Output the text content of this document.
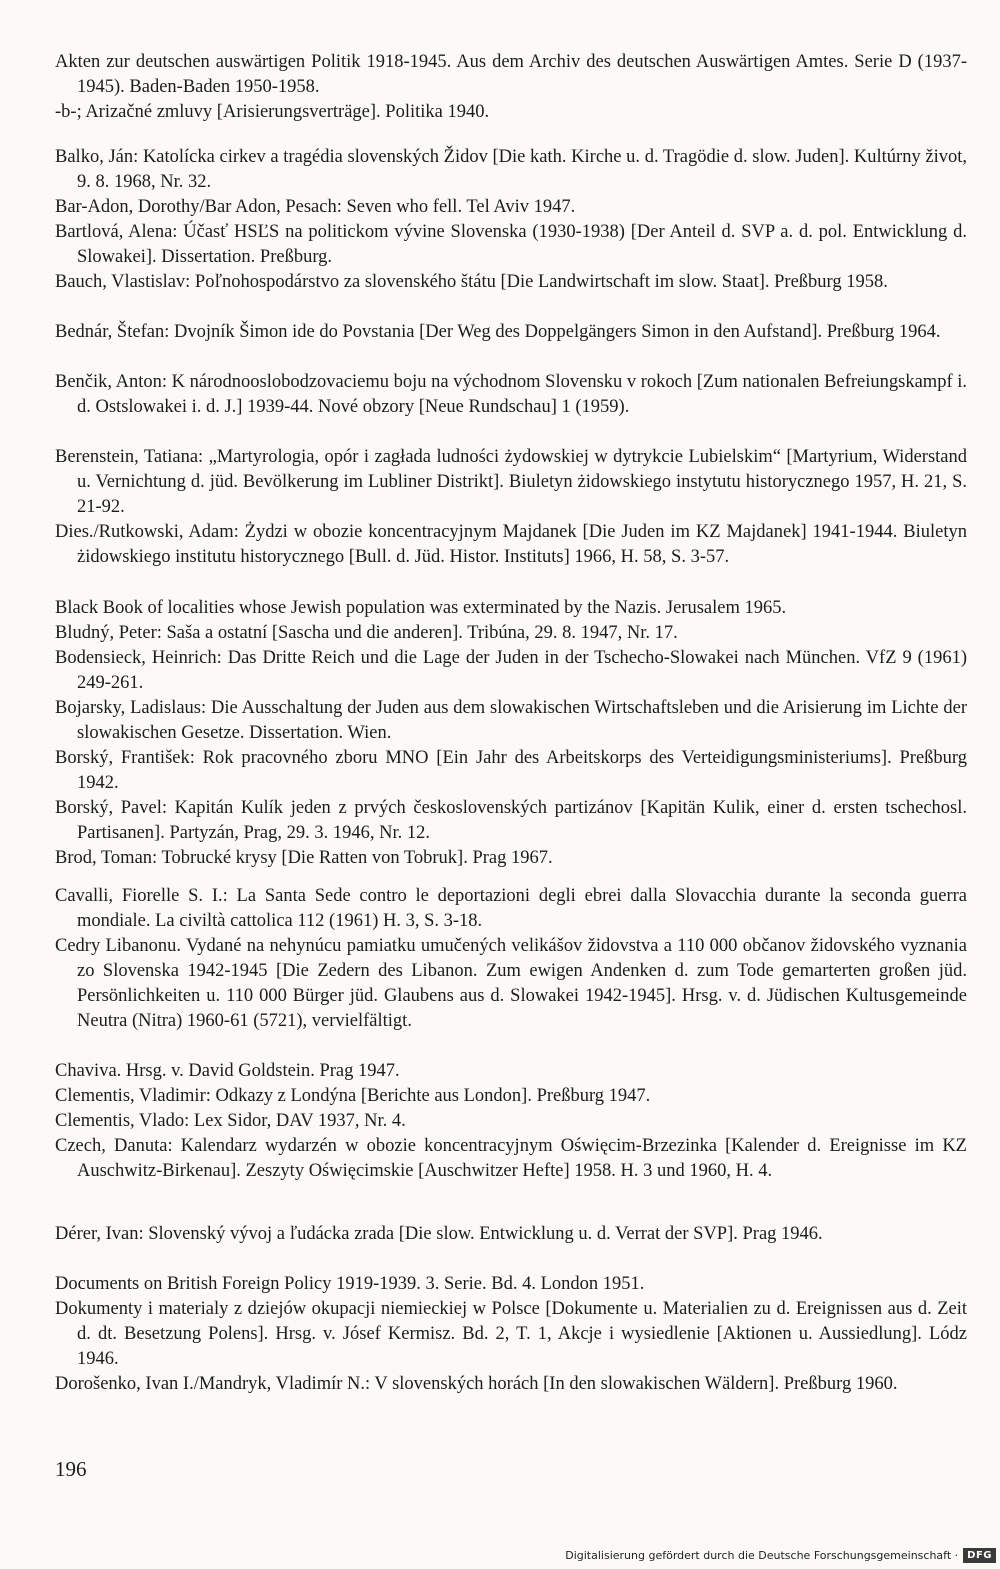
Akten zur deutschen auswärtigen Politik 1918-1945. Aus dem Archiv des deutschen Auswärtigen Amtes. Serie D (1937-1945). Baden-Baden 1950-1958.

-b-; Arizačné zmluvy [Arisierungsverträge]. Politika 1940.

Balko, Ján: Katolícka cirkev a tragédia slovenských Židov [Die kath. Kirche u. d. Tragödie d. slow. Juden]. Kultúrny život, 9. 8. 1968, Nr. 32.

Bar-Adon, Dorothy/Bar Adon, Pesach: Seven who fell. Tel Aviv 1947.

Bartlová, Alena: Účasť HSĽS na politickom vývine Slovenska (1930-1938) [Der Anteil d. SVP a. d. pol. Entwicklung d. Slowakei]. Dissertation. Preßburg.

Bauch, Vlastislav: Poľnohospodárstvo za slovenského štátu [Die Landwirtschaft im slow. Staat]. Preßburg 1958.

Bednár, Štefan: Dvojník Šimon ide do Povstania [Der Weg des Doppelgängers Simon in den Aufstand]. Preßburg 1964.

Benčik, Anton: K národnooslobodzovaciemu boju na východnom Slovensku v rokoch [Zum nationalen Befreiungskampf i. d. Ostslowakei i. d. J.] 1939-44. Nové obzory [Neue Rundschau] 1 (1959).

Berenstein, Tatiana: „Martyrologia, opór i zagłada ludności żydowskiej w dytrykcie Lubielskim“ [Martyrium, Widerstand u. Vernichtung d. jüd. Bevölkerung im Lubliner Distrikt]. Biuletyn żidowskiego instytutu historycznego 1957, H. 21, S. 21-92.

Dies./Rutkowski, Adam: Żydzi w obozie koncentracyjnym Majdanek [Die Juden im KZ Majdanek] 1941-1944. Biuletyn żidowskiego institutu historycznego [Bull. d. Jüd. Histor. Instituts] 1966, H. 58, S. 3-57.

Black Book of localities whose Jewish population was exterminated by the Nazis. Jerusalem 1965.

Bludný, Peter: Saša a ostatní [Sascha und die anderen]. Tribúna, 29. 8. 1947, Nr. 17.

Bodensieck, Heinrich: Das Dritte Reich und die Lage der Juden in der Tschecho-Slowakei nach München. VfZ 9 (1961) 249-261.

Bojarsky, Ladislaus: Die Ausschaltung der Juden aus dem slowakischen Wirtschaftsleben und die Arisierung im Lichte der slowakischen Gesetze. Dissertation. Wien.

Borský, František: Rok pracovného zboru MNO [Ein Jahr des Arbeitskorps des Verteidigungsministeriums]. Preßburg 1942.

Borský, Pavel: Kapitán Kulík jeden z prvých československých partizánov [Kapitän Kulik, einer d. ersten tschechosl. Partisanen]. Partyzán, Prag, 29. 3. 1946, Nr. 12.

Brod, Toman: Tobrucké krysy [Die Ratten von Tobruk]. Prag 1967.

Cavalli, Fiorelle S. I.: La Santa Sede contro le deportazioni degli ebrei dalla Slovacchia durante la seconda guerra mondiale. La civiltà cattolica 112 (1961) H. 3, S. 3-18.

Cedry Libanonu. Vydané na nehynúcu pamiatku umučených velikášov židovstva a 110 000 občanov židovského vyznania zo Slovenska 1942-1945 [Die Zedern des Libanon. Zum ewigen Andenken d. zum Tode gemarterten großen jüd. Persönlichkeiten u. 110 000 Bürger jüd. Glaubens aus d. Slowakei 1942-1945]. Hrsg. v. d. Jüdischen Kultusgemeinde Neutra (Nitra) 1960-61 (5721), vervielfältigt.

Chaviva. Hrsg. v. David Goldstein. Prag 1947.

Clementis, Vladimir: Odkazy z Londýna [Berichte aus London]. Preßburg 1947.

Clementis, Vlado: Lex Sidor, DAV 1937, Nr. 4.

Czech, Danuta: Kalendarz wydarzén w obozie koncentracyjnym Oświęcim-Brzezinka [Kalender d. Ereignisse im KZ Auschwitz-Birkenau]. Zeszyty Oświęcimskie [Auschwitzer Hefte] 1958. H. 3 und 1960, H. 4.

Dérer, Ivan: Slovenský vývoj a ľudácka zrada [Die slow. Entwicklung u. d. Verrat der SVP]. Prag 1946.

Documents on British Foreign Policy 1919-1939. 3. Serie. Bd. 4. London 1951.

Dokumenty i materialy z dziejów okupacji niemieckiej w Polsce [Dokumente u. Materialien zu d. Ereignissen aus d. Zeit d. dt. Besetzung Polens]. Hrsg. v. Jósef Kermisz. Bd. 2, T. 1, Akcje i wysiedlenie [Aktionen u. Aussiedlung]. Lódz 1946.

Dorošenko, Ivan I./Mandryk, Vladimír N.: V slovenských horách [In den slowakischen Wäldern]. Preßburg 1960.

196
Digitalisierung gefördert durch die Deutsche Forschungsgemeinschaft · DFG
